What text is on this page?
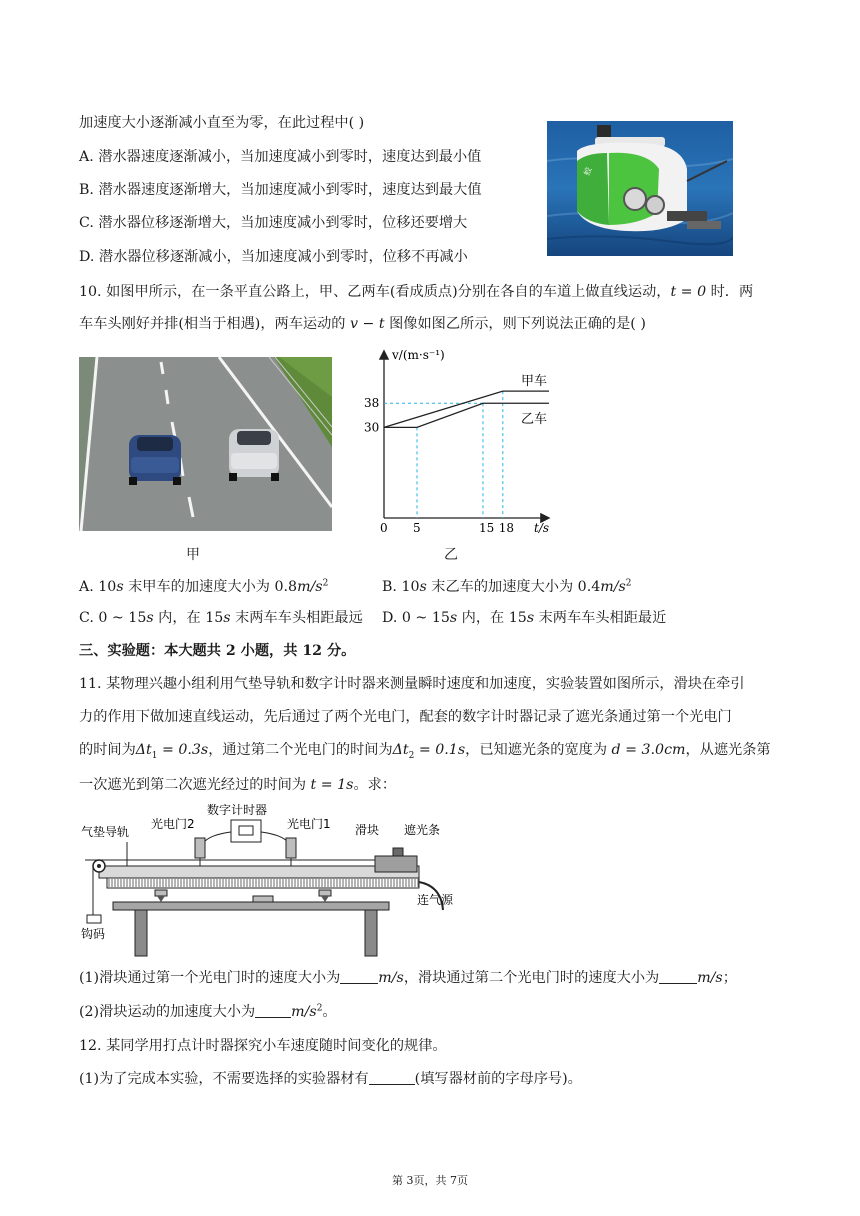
加速度大小逐渐减小直至为零，在此过程中( )
A. 潜水器速度逐渐减小，当加速度减小到零时，速度达到最小值
B. 潜水器速度逐渐增大，当加速度减小到零时，速度达到最大值
C. 潜水器位移逐渐增大，当加速度减小到零时，位移还要增大
D. 潜水器位移逐渐减小，当加速度减小到零时，位移不再减小
蛟
10. 如图甲所示，在一条平直公路上，甲、乙两车(看成质点)分别在各自的车道上做直线运动，t = 0 时．两
车车头刚好并排(相当于相遇)，两车运动的 v − t 图像如图乙所示，则下列说法正确的是( )
v/(m·s⁻¹)
t/s
甲车
乙车
0 5	15 18
30
38
甲	乙
A. 10s 末甲车的加速度大小为 $0.8m/s^2$	B. 10s 末乙车的加速度大小为 $0.4m/s^2$
C. 0 ~ 15s 内，在 15s 末两车车头相距最远 D. 0 ~ 15s 内，在 15s 末两车车头相距最近
三、实验题：本大题共 2 小题，共 12 分。
11. 某物理兴趣小组利用气垫导轨和数字计时器来测量瞬时速度和加速度，实验装置如图所示，滑块在牵引
力的作用下做加速直线运动，先后通过了两个光电门，配套的数字计时器记录了遮光条通过第一个光电门
的时间为$\Delta t_1 = 0.3s$，通过第二个光电门的时间为$\Delta t_2 = 0.1s$，已知遮光条的宽度为 d = 3.0cm，从遮光条第
一次遮光到第二次遮光经过的时间为 t = 1s。求：
气垫导轨
光电门2
数字计时器
光电门1 滑块 遮光条
钩码
连气源
(1)滑块通过第一个光电门时的速度大小为	m/s，滑块通过第二个光电门时的速度大小为	m/s；
(2)滑块运动的加速度大小为	$m/s^2$。
12. 某同学用打点计时器探究小车速度随时间变化的规律。
(1)为了完成本实验，不需要选择的实验器材有	(填写器材前的字母序号)。
第 3页，共 7页
